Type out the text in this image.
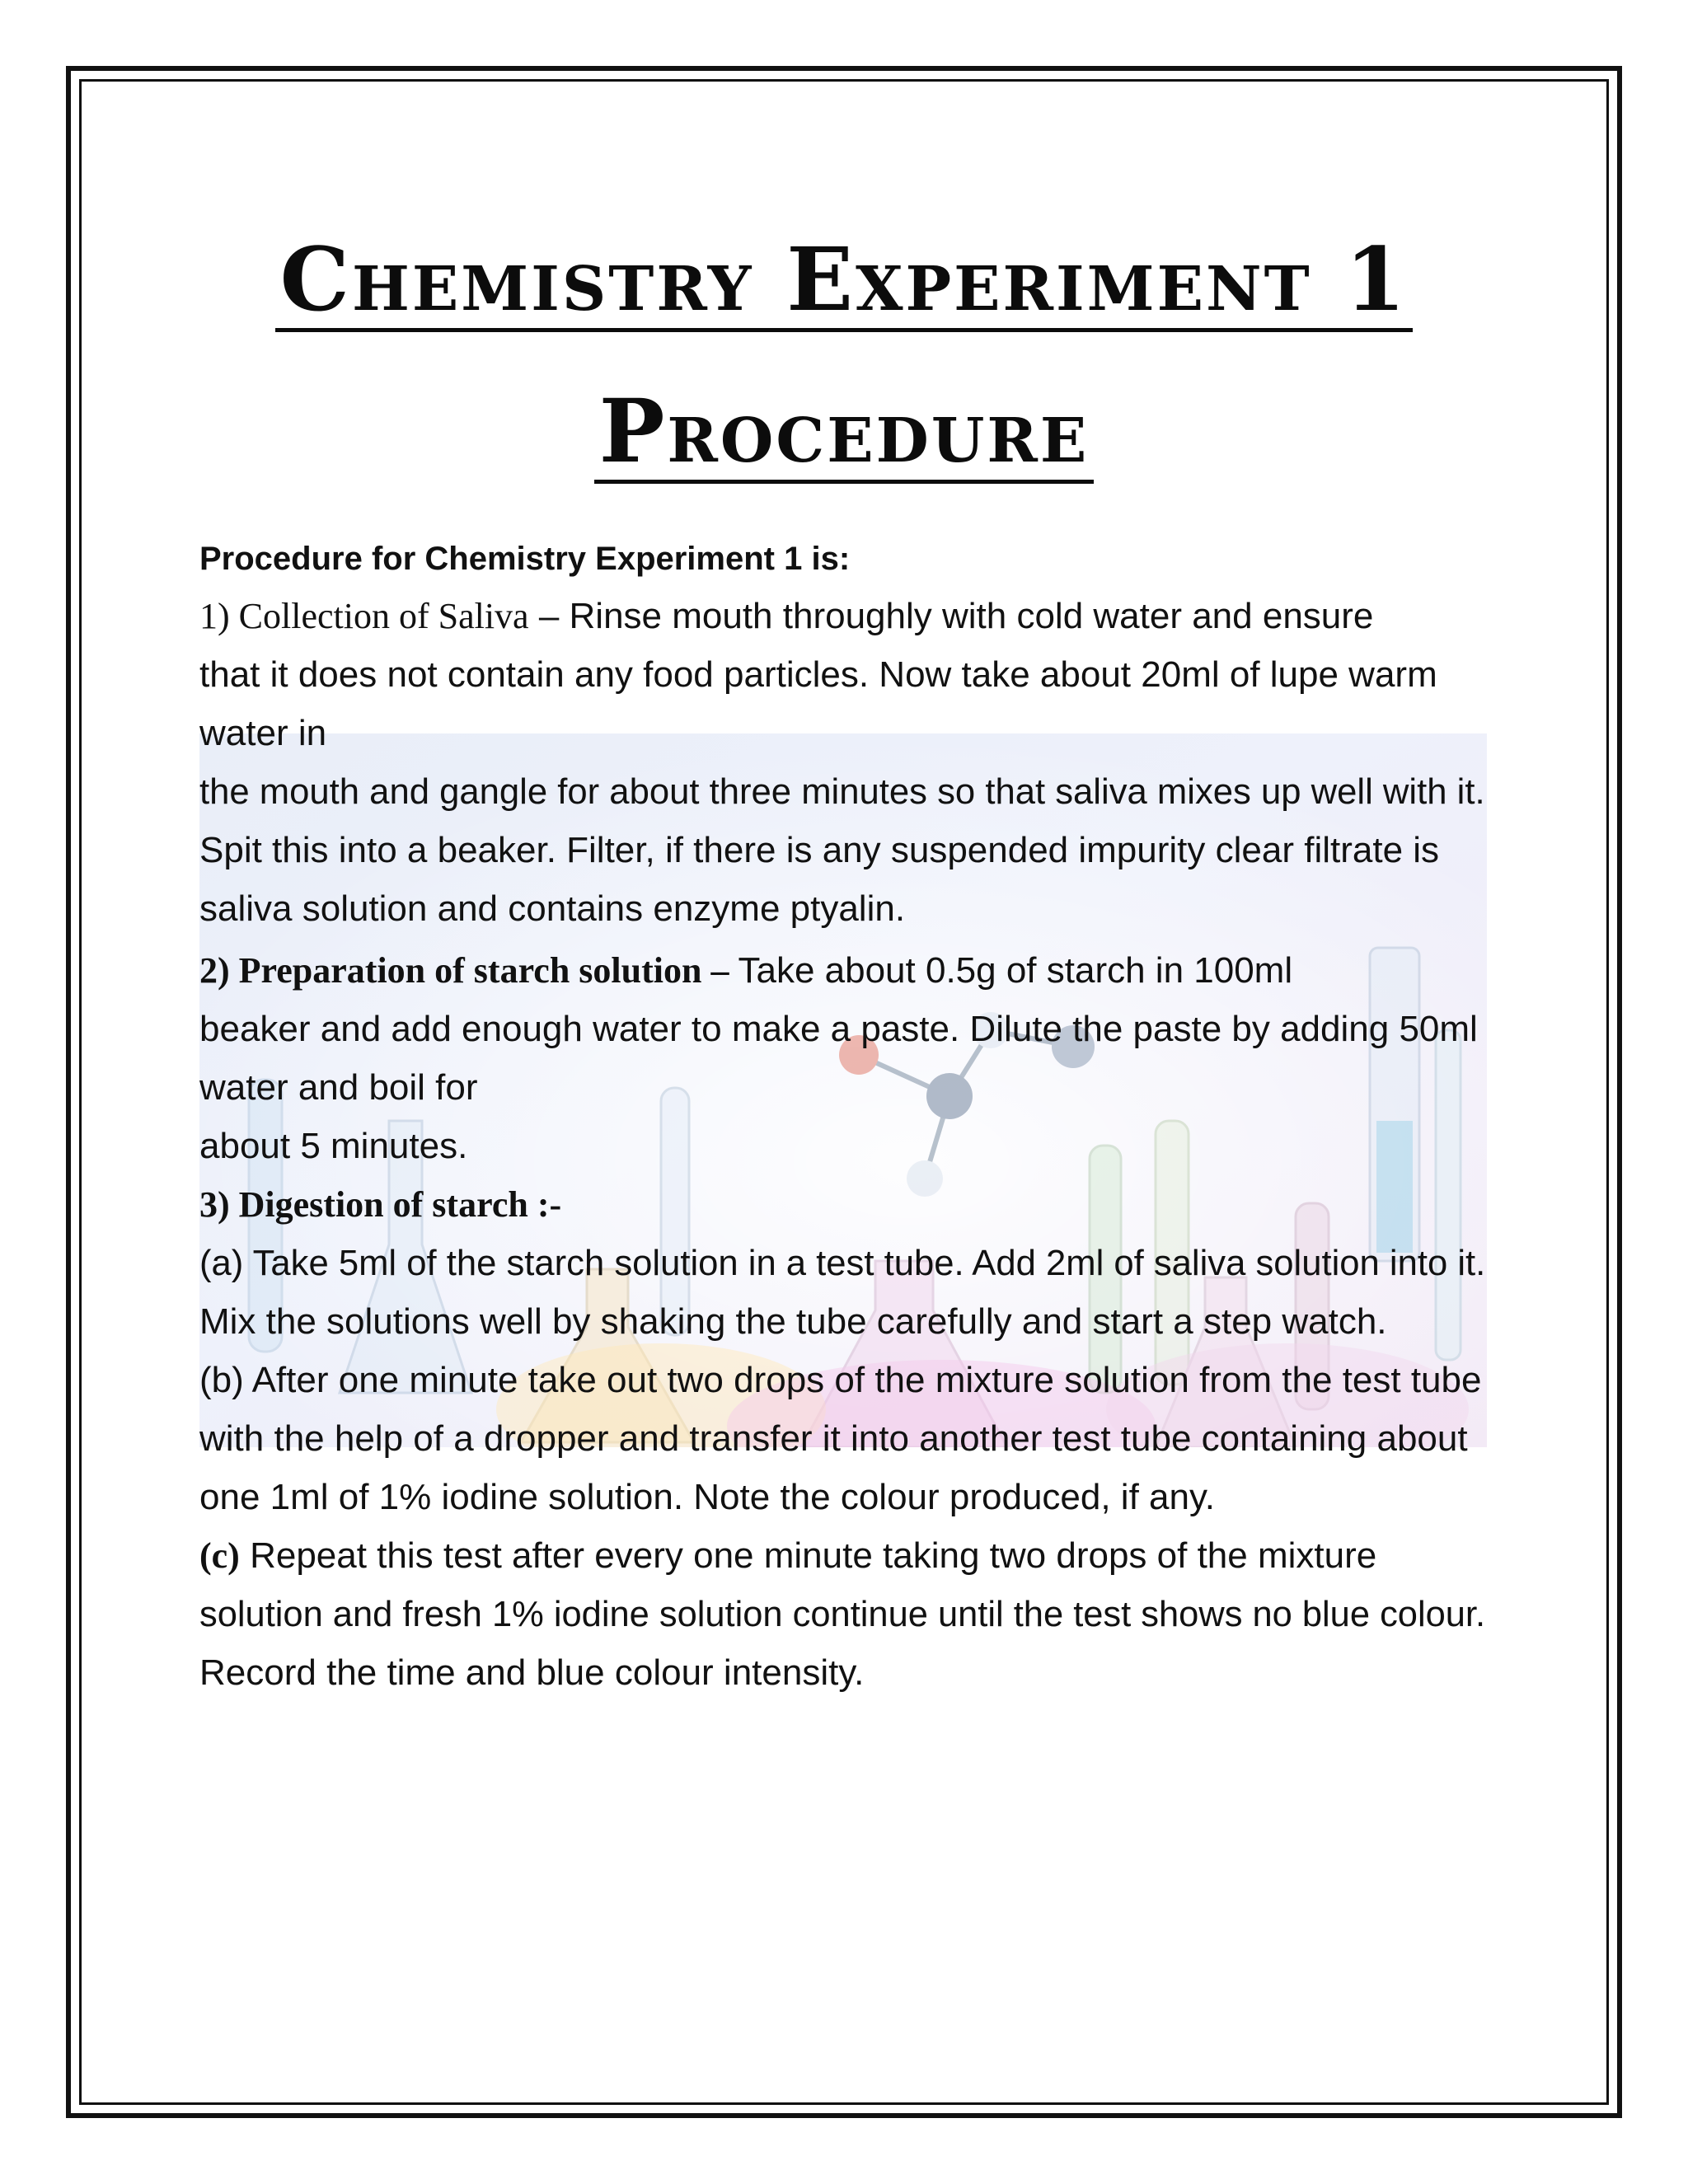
Chemistry Experiment 1
Procedure

Procedure for Chemistry Experiment 1 is:

1) Collection of Saliva – Rinse mouth throughly with cold water and ensure

that it does not contain any food particles. Now take about 20ml of lupe warm

water in

the mouth and gangle for about three minutes so that saliva mixes up well with it.

Spit this into a beaker. Filter, if there is any suspended impurity clear filtrate is

saliva solution and contains enzyme ptyalin.

2) Preparation of starch solution – Take about 0.5g of starch in 100ml

beaker and add enough water to make a paste. Dilute the paste by adding 50ml

water and boil for

about 5 minutes.

3) Digestion of starch :-

(a) Take 5ml of the starch solution in a test tube. Add 2ml of saliva solution into it.

Mix the solutions well by shaking the tube carefully and start a step watch.

(b) After one minute take out two drops of the mixture solution from the test tube

with the help of a dropper and transfer it into another test tube containing about

one 1ml of 1% iodine solution. Note the colour produced, if any.

(c) Repeat this test after every one minute taking two drops of the mixture

solution and fresh 1% iodine solution continue until the test shows no blue colour.

Record the time and blue colour intensity.
